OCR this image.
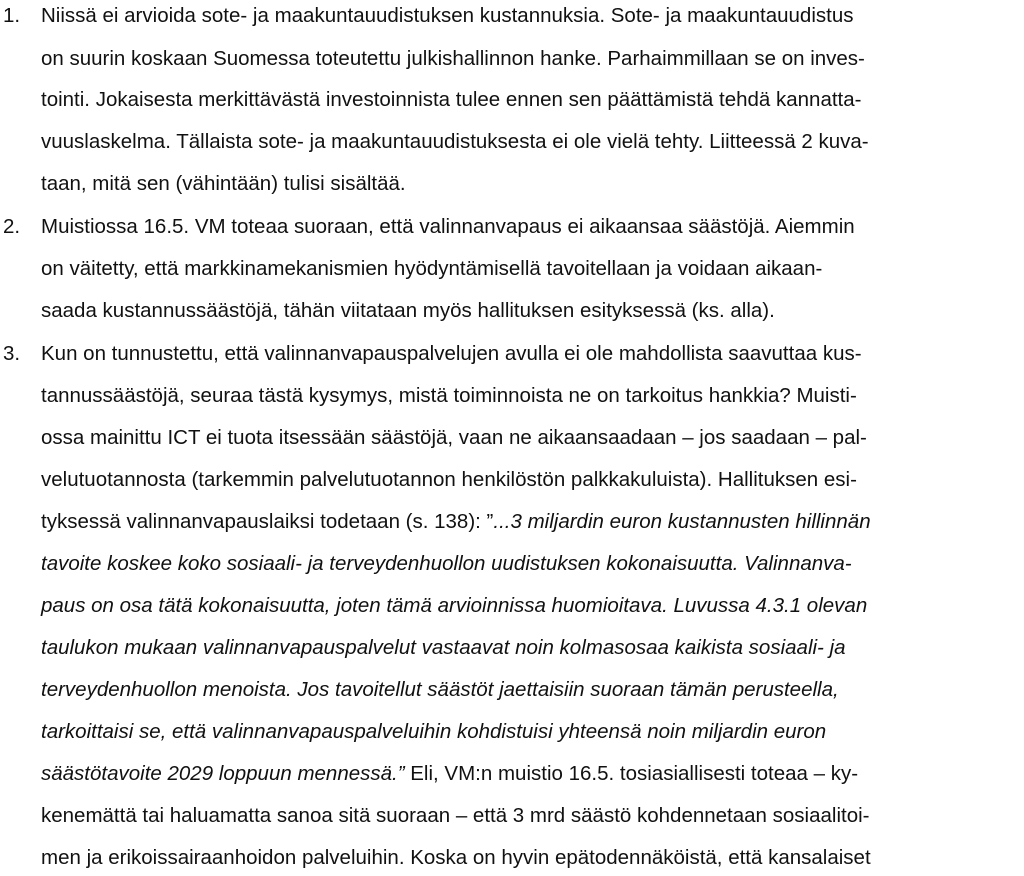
1. Niissä ei arvioida sote- ja maakuntauudistuksen kustannuksia. Sote- ja maakuntauudistus

on suurin koskaan Suomessa toteutettu julkishallinnon hanke. Parhaimmillaan se on inves-

tointi. Jokaisesta merkittävästä investoinnista tulee ennen sen päättämistä tehdä kannatta-

vuuslaskelma. Tällaista sote- ja maakuntauudistuksesta ei ole vielä tehty. Liitteessä 2 kuva-

taan, mitä sen (vähintään) tulisi sisältää.

2. Muistiossa 16.5. VM toteaa suoraan, että valinnanvapaus ei aikaansaa säästöjä. Aiemmin

on väitetty, että markkinamekanismien hyödyntämisellä tavoitellaan ja voidaan aikaan-

saada kustannussäästöjä, tähän viitataan myös hallituksen esityksessä (ks. alla).

3. Kun on tunnustettu, että valinnanvapauspalvelujen avulla ei ole mahdollista saavuttaa kus-

tannussäästöjä, seuraa tästä kysymys, mistä toiminnoista ne on tarkoitus hankkia? Muisti-

ossa mainittu ICT ei tuota itsessään säästöjä, vaan ne aikaansaadaan – jos saadaan – pal-

velutuotannosta (tarkemmin palvelutuotannon henkilöstön palkkakuluista). Hallituksen esi-

tyksessä valinnanvapauslaiksi todetaan (s. 138): ”...3 miljardin euron kustannusten hillinnän

tavoite koskee koko sosiaali- ja terveydenhuollon uudistuksen kokonaisuutta. Valinnanva-

paus on osa tätä kokonaisuutta, joten tämä arvioinnissa huomioitava. Luvussa 4.3.1 olevan

taulukon mukaan valinnanvapauspalvelut vastaavat noin kolmasosaa kaikista sosiaali- ja

terveydenhuollon menoista. Jos tavoitellut säästöt jaettaisiin suoraan tämän perusteella,

tarkoittaisi se, että valinnanvapauspalveluihin kohdistuisi yhteensä noin miljardin euron

säästötavoite 2029 loppuun mennessä.” Eli, VM:n muistio 16.5. tosiasiallisesti toteaa – ky-

kenemättä tai haluamatta sanoa sitä suoraan – että 3 mrd säästö kohdennetaan sosiaalitoi-

men ja erikoissairaanhoidon palveluihin. Koska on hyvin epätodennäköistä, että kansalaiset
